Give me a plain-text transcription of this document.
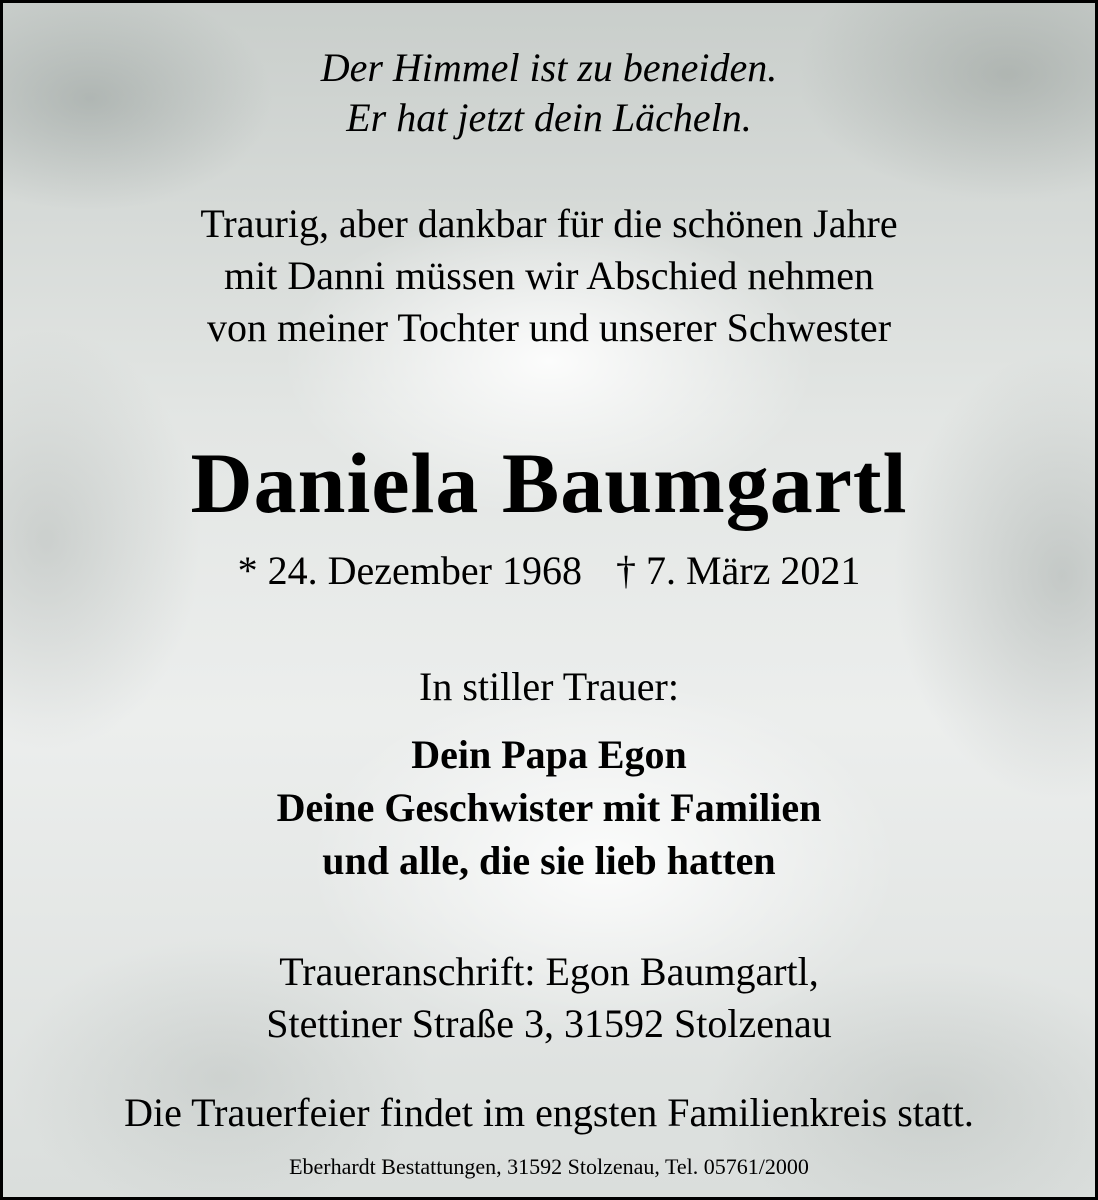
Der Himmel ist zu beneiden.
Er hat jetzt dein Lächeln.
Traurig, aber dankbar für die schönen Jahre
mit Danni müssen wir Abschied nehmen
von meiner Tochter und unserer Schwester
Daniela Baumgartl
* 24. Dezember 1968 † 7. März 2021
In stiller Trauer:
Dein Papa Egon
Deine Geschwister mit Familien
und alle, die sie lieb hatten
Traueranschrift: Egon Baumgartl,
Stettiner Straße 3, 31592 Stolzenau
Die Trauerfeier findet im engsten Familienkreis statt.
Eberhardt Bestattungen, 31592 Stolzenau, Tel. 05761/2000
